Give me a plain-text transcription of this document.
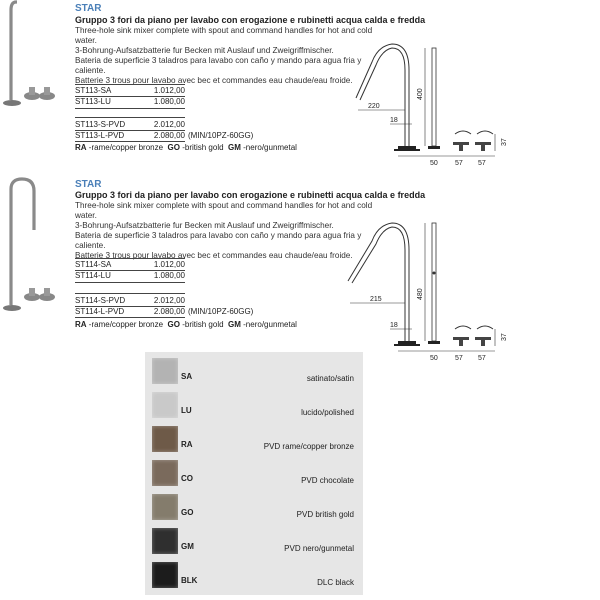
STAR
Gruppo 3 fori da piano per lavabo con erogazione e rubinetti acqua calda e fredda
Three-hole sink mixer complete with spout and command handles for hot and cold water.
3-Bohrung-Aufsatzbatterie fur Becken mit Auslauf und Zweigriffmischer.
Bateria de superficie 3 taladros para lavabo con caño y mando para agua fria y caliente.
Batterie 3 trous pour lavabo avec bec et commandes eau chaude/eau froide.
ST113-SA	1.012,00
ST113-LU	1.080,00
ST113-S-PVD	2.012,00
ST113-L-PVD	2.080,00 (MIN/10PZ-60GG)
RA -rame/copper bronze GO -british gold GM -nero/gunmetal
220
18
400
37
50 57 57
STAR
Gruppo 3 fori da piano per lavabo con erogazione e rubinetti acqua calda e fredda
Three-hole sink mixer complete with spout and command handles for hot and cold water.
3-Bohrung-Aufsatzbatterie fur Becken mit Auslauf und Zweigriffmischer.
Bateria de superficie 3 taladros para lavabo con caño y mando para agua fria y caliente.
Batterie 3 trous pour lavabo avec bec et commandes eau chaude/eau froide.
ST114-SA	1.012,00
ST114-LU	1.080,00
ST114-S-PVD	2.012,00
ST114-L-PVD	2.080,00 (MIN/10PZ-60GG)
RA -rame/copper bronze GO -british gold GM -nero/gunmetal
215
18
480
37
50 57 57
SA	satinato/satin
LU	lucido/polished
RA	PVD rame/copper bronze
CO	PVD chocolate
GO	PVD british gold
GM	PVD nero/gunmetal
BLK	DLC black
